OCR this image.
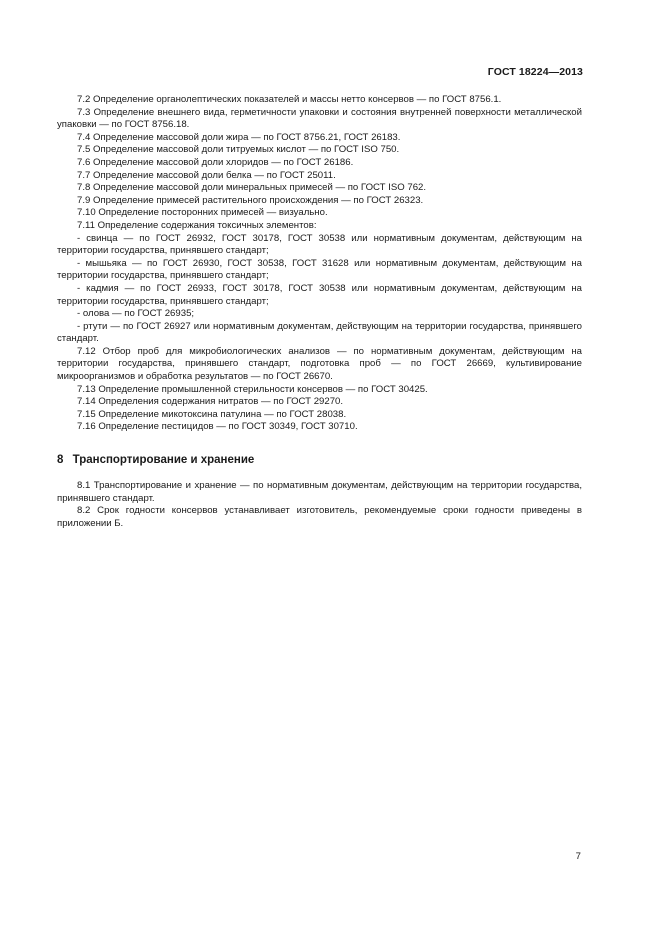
ГОСТ 18224—2013

7.2 Определение органолептических показателей и массы нетто консервов — по ГОСТ 8756.1.

7.3 Определение внешнего вида, герметичности упаковки и состояния внутренней поверхности металлической упаковки — по ГОСТ 8756.18.

7.4 Определение массовой доли жира — по ГОСТ 8756.21, ГОСТ 26183.

7.5 Определение массовой доли титруемых кислот — по ГОСТ ISO 750.

7.6 Определение массовой доли хлоридов — по ГОСТ 26186.

7.7 Определение массовой доли белка — по ГОСТ 25011.

7.8 Определение массовой доли минеральных примесей — по ГОСТ ISO 762.

7.9 Определение примесей растительного происхождения — по ГОСТ 26323.

7.10 Определение посторонних примесей — визуально.

7.11 Определение содержания токсичных элементов:

- свинца — по ГОСТ 26932, ГОСТ 30178, ГОСТ 30538 или нормативным документам, действующим на территории государства, принявшего стандарт;

- мышьяка — по ГОСТ 26930, ГОСТ 30538, ГОСТ 31628 или нормативным документам, действующим на территории государства, принявшего стандарт;

- кадмия — по ГОСТ 26933, ГОСТ 30178, ГОСТ 30538 или нормативным документам, действующим на территории государства, принявшего стандарт;

- олова — по ГОСТ 26935;

- ртути — по ГОСТ 26927 или нормативным документам, действующим на территории государства, принявшего стандарт.

7.12 Отбор проб для микробиологических анализов — по нормативным документам, действующим на территории государства, принявшего стандарт, подготовка проб — по ГОСТ 26669, культивирование микроорганизмов и обработка результатов — по ГОСТ 26670.

7.13 Определение промышленной стерильности консервов — по ГОСТ 30425.

7.14 Определения содержания нитратов — по ГОСТ 29270.

7.15 Определение микотоксина патулина — по ГОСТ 28038.

7.16 Определение пестицидов — по ГОСТ 30349, ГОСТ 30710.

8 Транспортирование и хранение

8.1 Транспортирование и хранение — по нормативным документам, действующим на территории государства, принявшего стандарт.

8.2 Срок годности консервов устанавливает изготовитель, рекомендуемые сроки годности приведены в приложении Б.

7
